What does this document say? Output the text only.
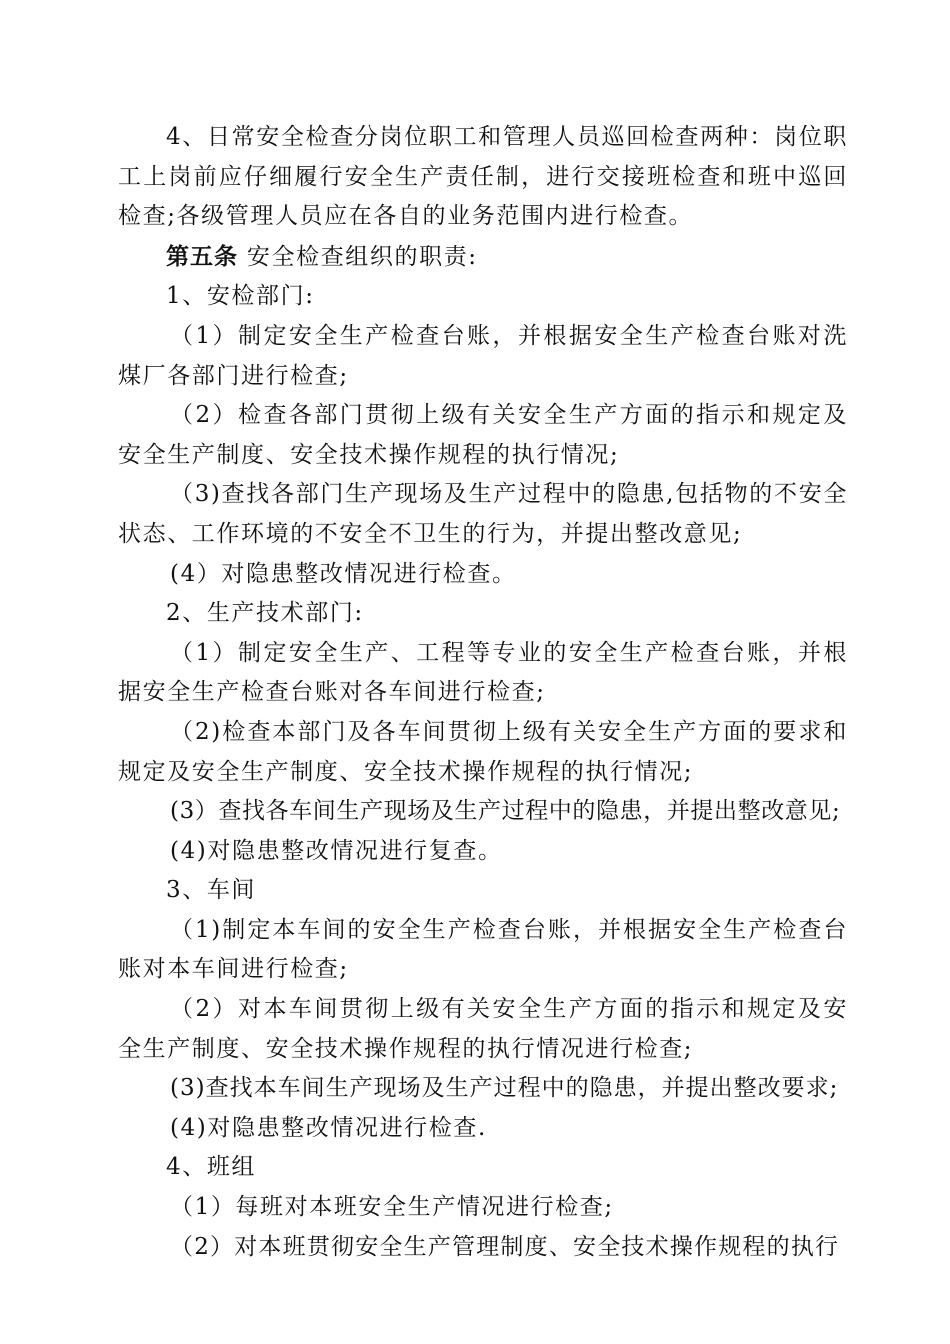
4、日常安全检查分岗位职工和管理人员巡回检查两种：岗位职工上岗前应仔细履行安全生产责任制，进行交接班检查和班中巡回检查;各级管理人员应在各自的业务范围内进行检查。

第五条 安全检查组织的职责:

1、安检部门:

（1）制定安全生产检查台账，并根据安全生产检查台账对洗煤厂各部门进行检查;

（2）检查各部门贯彻上级有关安全生产方面的指示和规定及安全生产制度、安全技术操作规程的执行情况;

（3)查找各部门生产现场及生产过程中的隐患,包括物的不安全状态、工作环境的不安全不卫生的行为，并提出整改意见;

(4）对隐患整改情况进行检查。

2、生产技术部门:

（1）制定安全生产、工程等专业的安全生产检查台账，并根据安全生产检查台账对各车间进行检查;

（2)检查本部门及各车间贯彻上级有关安全生产方面的要求和规定及安全生产制度、安全技术操作规程的执行情况;

(3）查找各车间生产现场及生产过程中的隐患，并提出整改意见;

(4)对隐患整改情况进行复查。

3、车间

（1)制定本车间的安全生产检查台账，并根据安全生产检查台账对本车间进行检查;

（2）对本车间贯彻上级有关安全生产方面的指示和规定及安全生产制度、安全技术操作规程的执行情况进行检查;

(3)查找本车间生产现场及生产过程中的隐患，并提出整改要求;

(4)对隐患整改情况进行检查.

4、班组

（1）每班对本班安全生产情况进行检查;

（2）对本班贯彻安全生产管理制度、安全技术操作规程的执行
